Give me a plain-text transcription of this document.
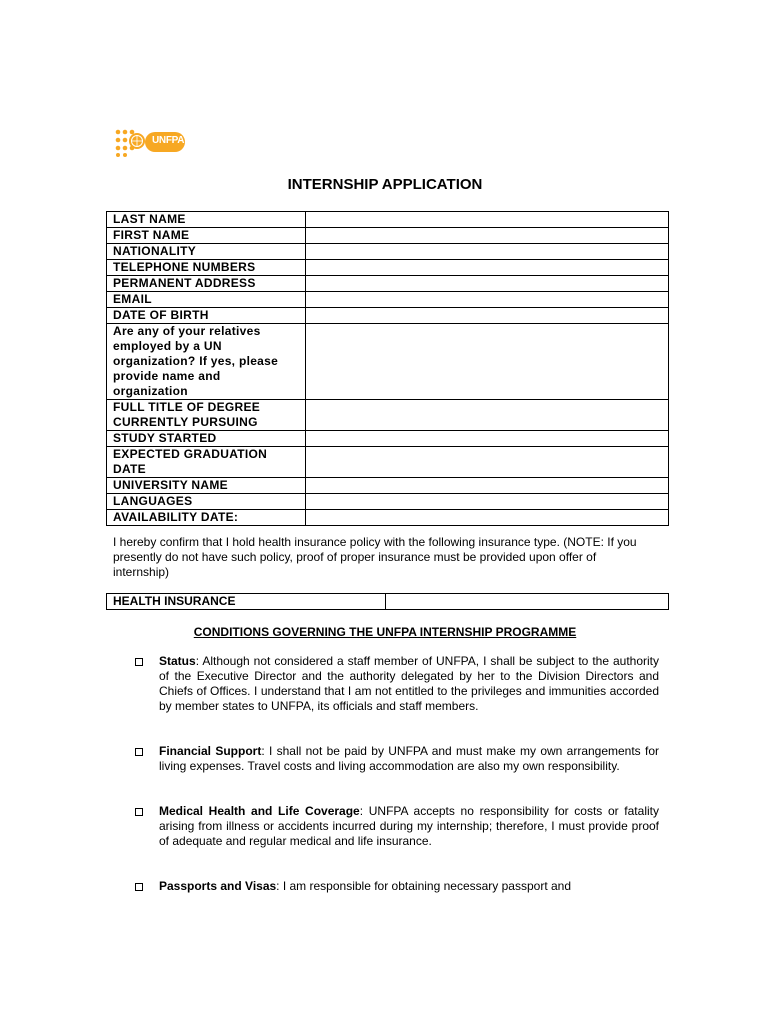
UNFPA
INTERNSHIP APPLICATION
LAST NAME	
FIRST NAME	
NATIONALITY	
TELEPHONE NUMBERS	
PERMANENT ADDRESS	
EMAIL	
DATE OF BIRTH	
Are any of your relatives employed by a UN organization? If yes, please provide name and organization	
FULL TITLE OF DEGREE CURRENTLY PURSUING	
STUDY STARTED	
EXPECTED GRADUATION DATE	
UNIVERSITY NAME	
LANGUAGES	
AVAILABILITY DATE:	
I hereby confirm that I hold health insurance policy with the following insurance type. (NOTE: If you presently do not have such policy, proof of proper insurance must be provided upon offer of internship)
HEALTH INSURANCE	
CONDITIONS GOVERNING THE UNFPA INTERNSHIP PROGRAMME
Status: Although not considered a staff member of UNFPA, I shall be subject to the authority of the Executive Director and the authority delegated by her to the Division Directors and Chiefs of Offices. I understand that I am not entitled to the privileges and immunities accorded by member states to UNFPA, its officials and staff members.
Financial Support: I shall not be paid by UNFPA and must make my own arrangements for living expenses. Travel costs and living accommodation are also my own responsibility.
Medical Health and Life Coverage: UNFPA accepts no responsibility for costs or fatality arising from illness or accidents incurred during my internship; therefore, I must provide proof of adequate and regular medical and life insurance.
Passports and Visas: I am responsible for obtaining necessary passport and
